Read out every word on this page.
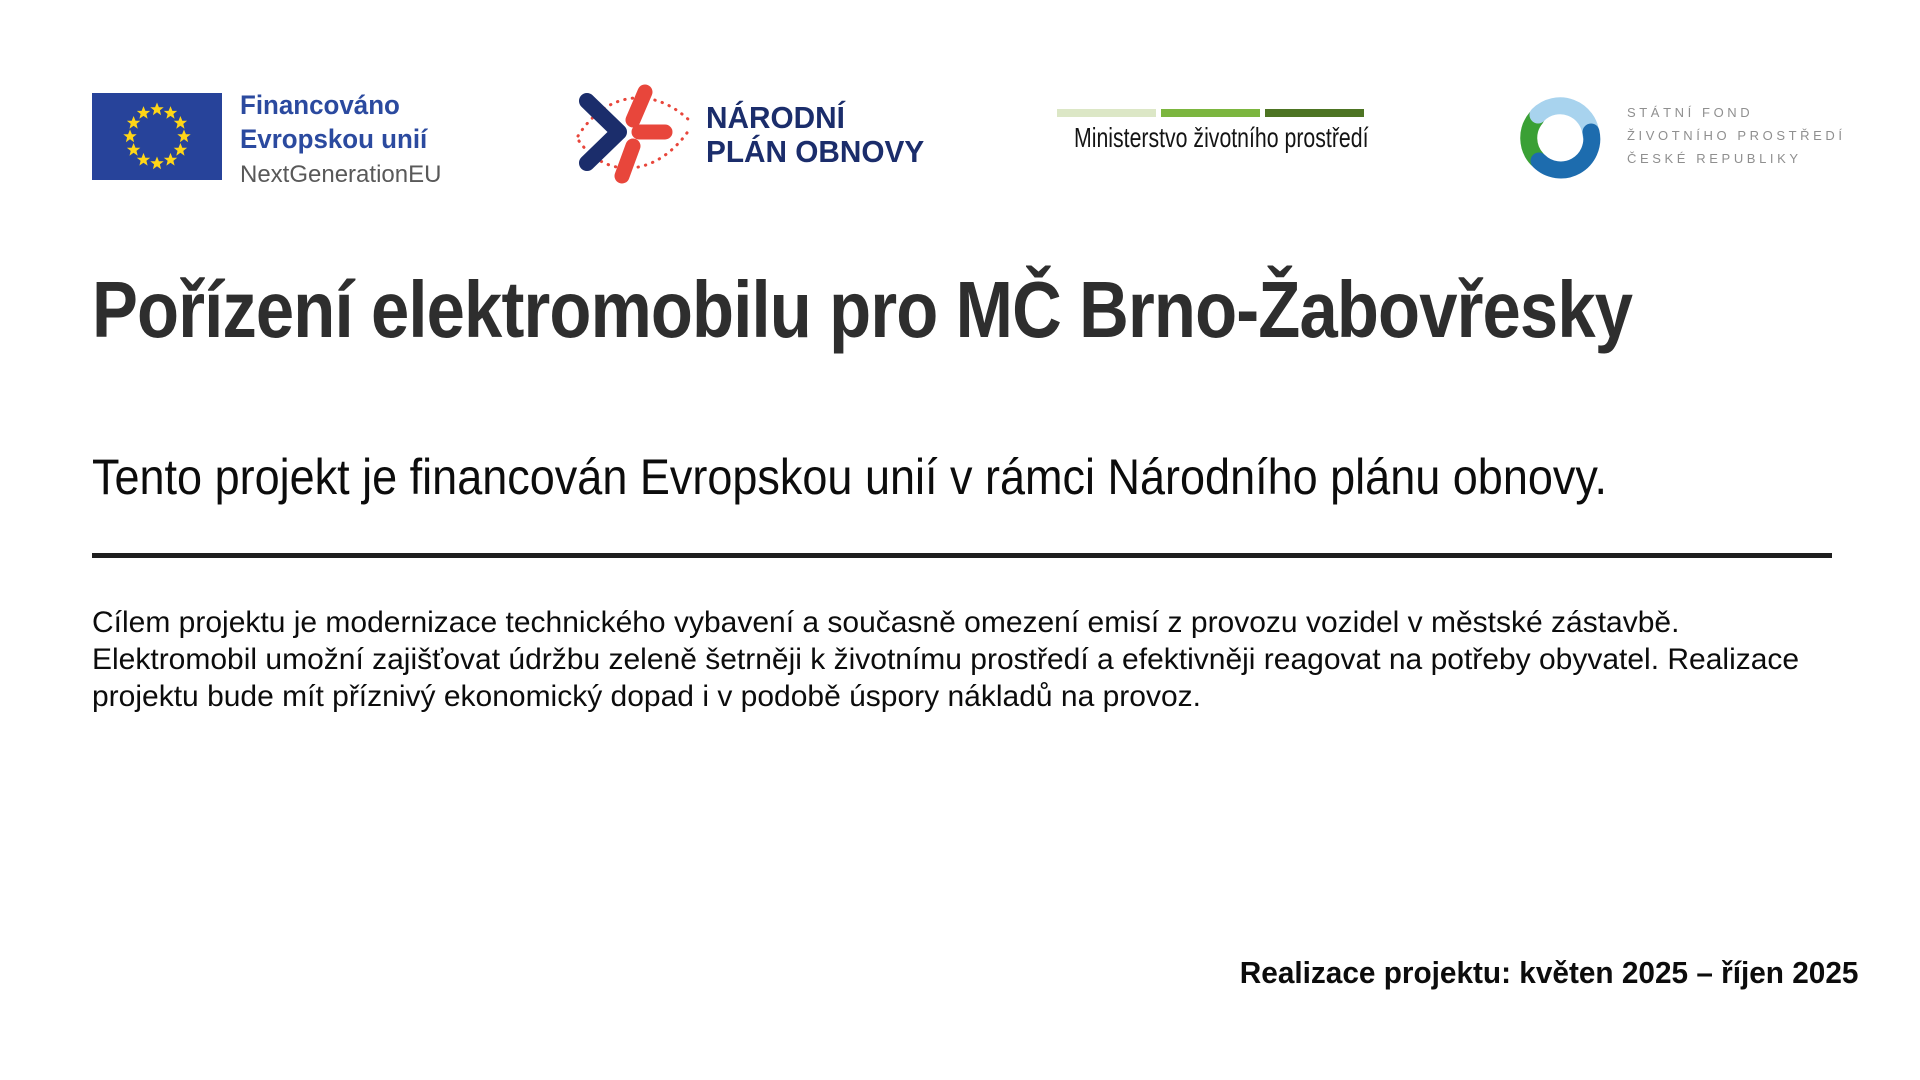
Financováno
Evropskou unií
NextGenerationEU
NÁRODNÍ
PLÁN OBNOVY	Ministerstvo životního prostředí
STÁTNÍ FOND
ŽIVOTNÍHO PROSTŘEDÍ
ČESKÉ REPUBLIKY
Pořízení elektromobilu pro MČ Brno-Žabovřesky
Tento projekt je financován Evropskou unií v rámci Národního plánu obnovy.

Cílem projektu je modernizace technického vybavení a současně omezení emisí z provozu vozidel v městské zástavbě.
Elektromobil umožní zajišťovat údržbu zeleně šetrněji k životnímu prostředí a efektivněji reagovat na potřeby obyvatel. Realizace
projektu bude mít příznivý ekonomický dopad i v podobě úspory nákladů na provoz.

Realizace projektu: květen 2025 – říjen 2025
